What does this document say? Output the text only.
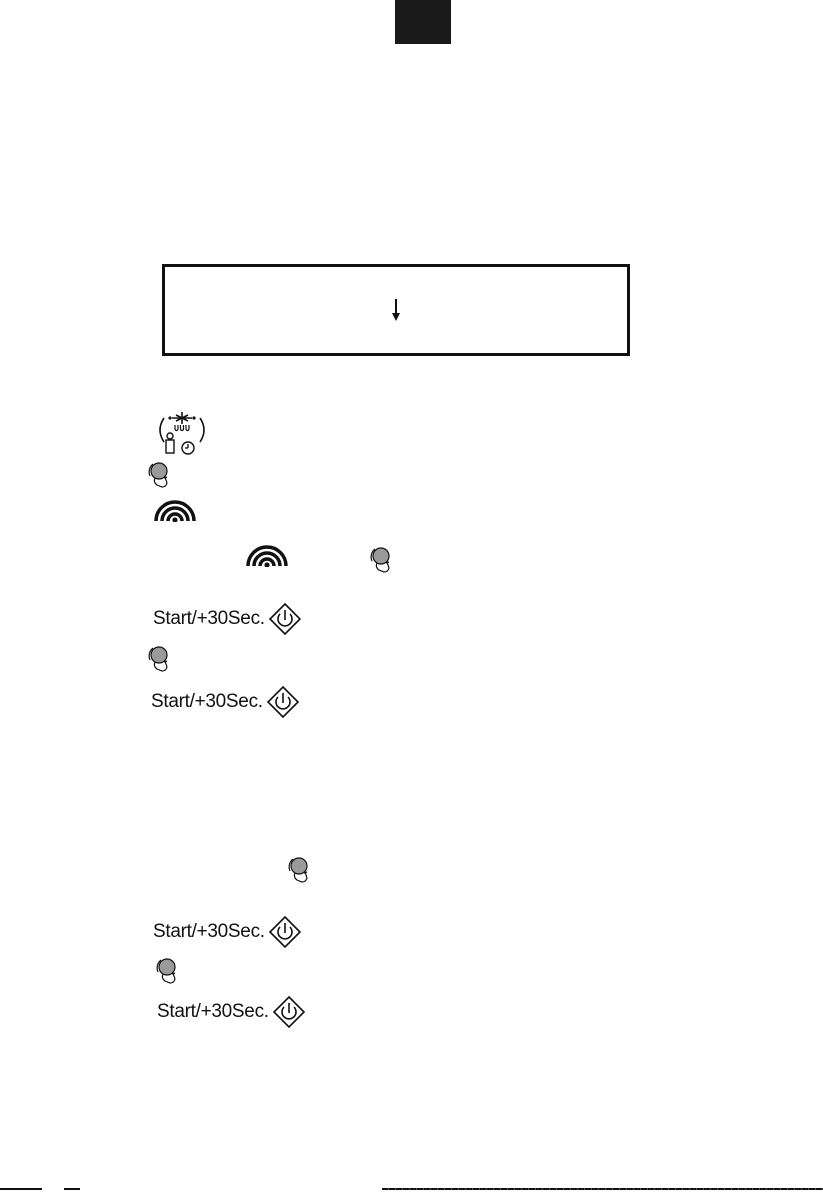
Start/+30Sec.
Start/+30Sec.
Start/+30Sec.
Start/+30Sec.
